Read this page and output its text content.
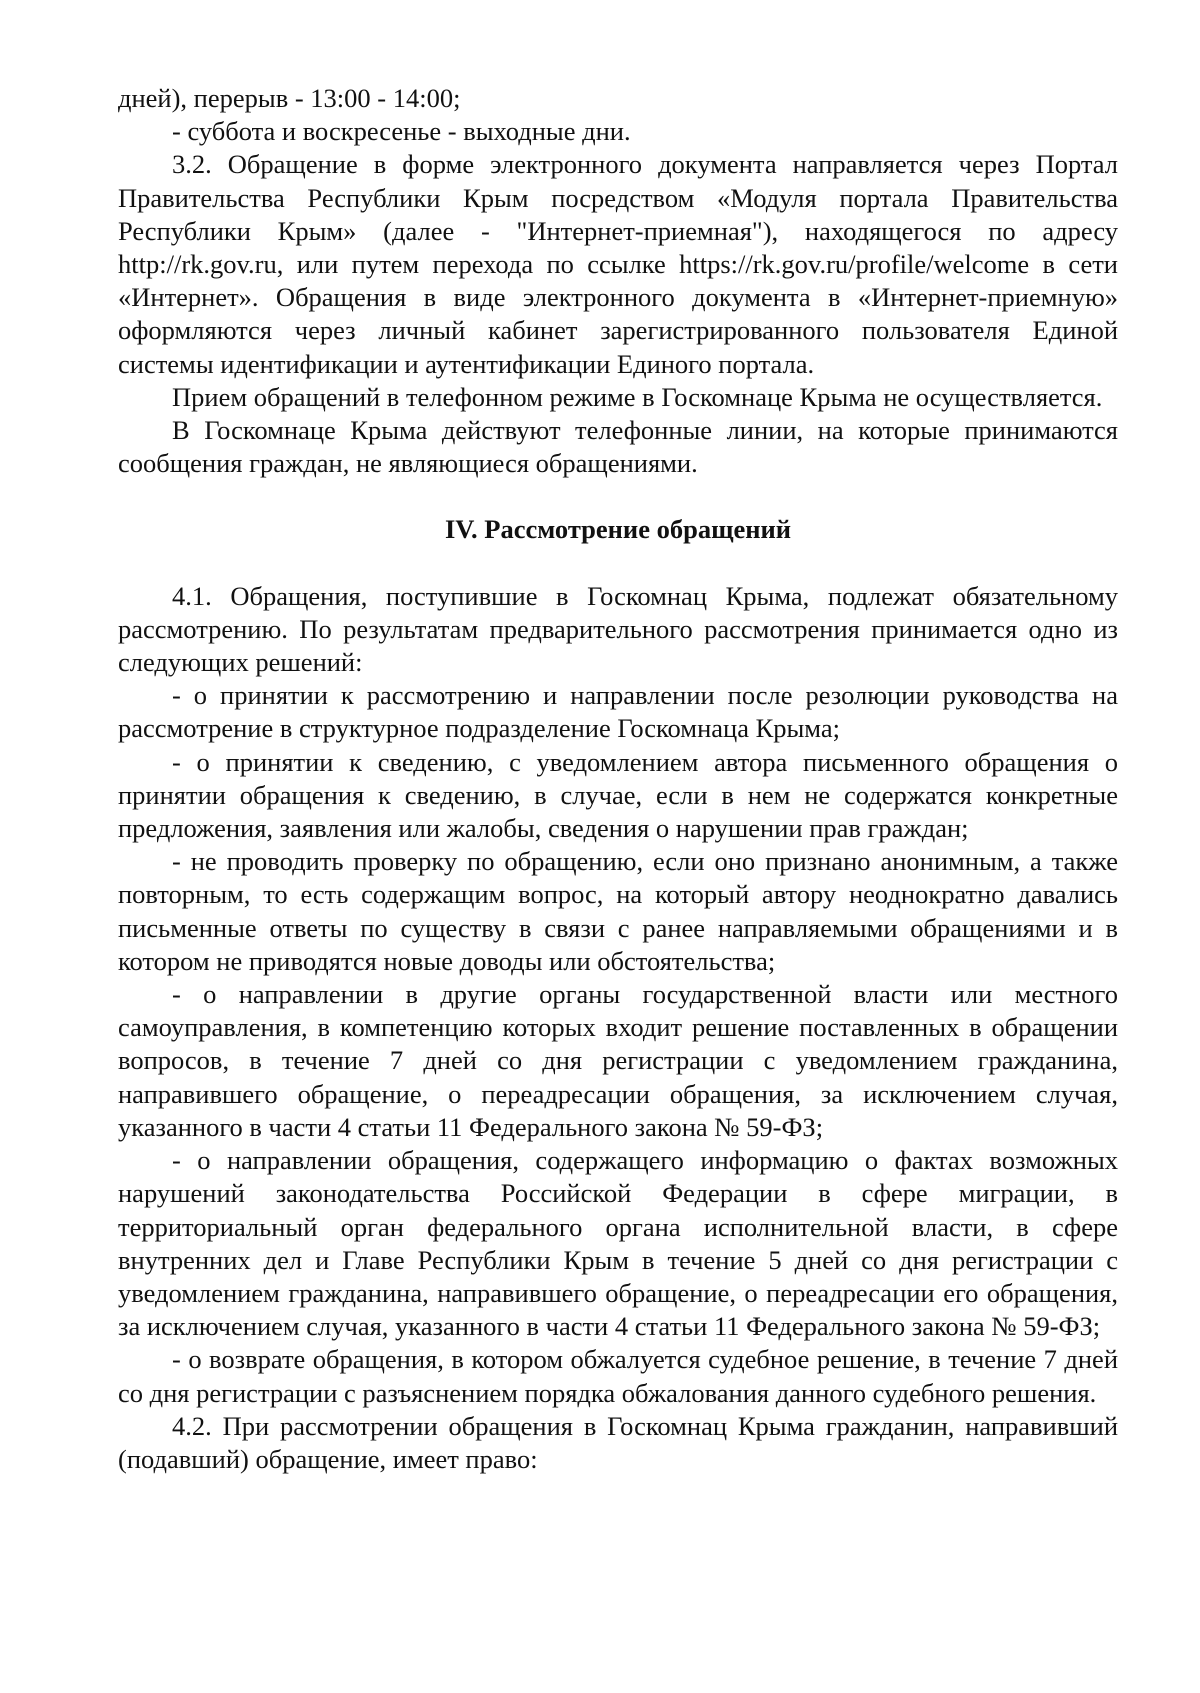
дней), перерыв - 13:00 - 14:00;

- суббота и воскресенье - выходные дни.

3.2. Обращение в форме электронного документа направляется через Портал Правительства Республики Крым посредством «Модуля портала Правительства Республики Крым» (далее - "Интернет-приемная"), находящегося по адресу http://rk.gov.ru, или путем перехода по ссылке https://rk.gov.ru/profile/welcome в сети «Интернет». Обращения в виде электронного документа в «Интернет-приемную» оформляются через личный кабинет зарегистрированного пользователя Единой системы идентификации и аутентификации Единого портала.

Прием обращений в телефонном режиме в Госкомнаце Крыма не осуществляется.

В Госкомнаце Крыма действуют телефонные линии, на которые принимаются сообщения граждан, не являющиеся обращениями.

IV. Рассмотрение обращений

4.1. Обращения, поступившие в Госкомнац Крыма, подлежат обязательному рассмотрению. По результатам предварительного рассмотрения принимается одно из следующих решений:

- о принятии к рассмотрению и направлении после резолюции руководства на рассмотрение в структурное подразделение Госкомнаца Крыма;

- о принятии к сведению, с уведомлением автора письменного обращения о принятии обращения к сведению, в случае, если в нем не содержатся конкретные предложения, заявления или жалобы, сведения о нарушении прав граждан;

- не проводить проверку по обращению, если оно признано анонимным, а также повторным, то есть содержащим вопрос, на который автору неоднократно давались письменные ответы по существу в связи с ранее направляемыми обращениями и в котором не приводятся новые доводы или обстоятельства;

- о направлении в другие органы государственной власти или местного самоуправления, в компетенцию которых входит решение поставленных в обращении вопросов, в течение 7 дней со дня регистрации с уведомлением гражданина, направившего обращение, о переадресации обращения, за исключением случая, указанного в части 4 статьи 11 Федерального закона № 59-ФЗ;

- о направлении обращения, содержащего информацию о фактах возможных нарушений законодательства Российской Федерации в сфере миграции, в территориальный орган федерального органа исполнительной власти, в сфере внутренних дел и Главе Республики Крым в течение 5 дней со дня регистрации с уведомлением гражданина, направившего обращение, о переадресации его обращения, за исключением случая, указанного в части 4 статьи 11 Федерального закона № 59-ФЗ;

- о возврате обращения, в котором обжалуется судебное решение, в течение 7 дней со дня регистрации с разъяснением порядка обжалования данного судебного решения.

4.2. При рассмотрении обращения в Госкомнац Крыма гражданин, направивший (подавший) обращение, имеет право:
